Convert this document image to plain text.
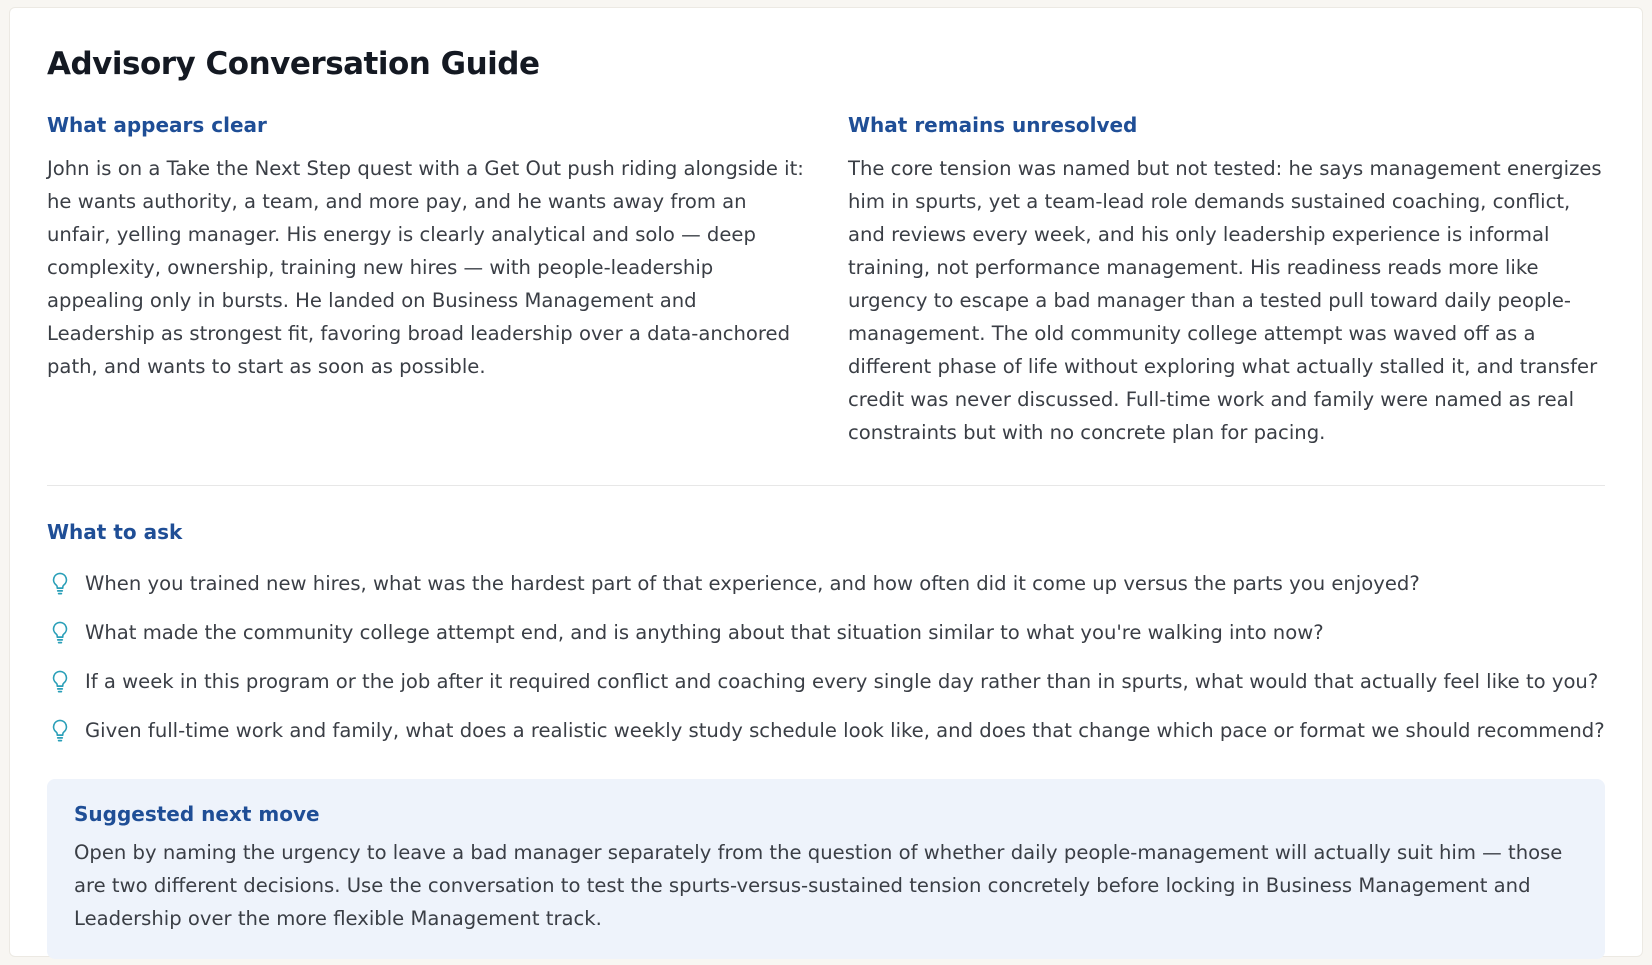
Advisory Conversation Guide
What appears clear

John is on a Take the Next Step quest with a Get Out push riding alongside it: he wants authority, a team, and more pay, and he wants away from an unfair, yelling manager. His energy is clearly analytical and solo — deep complexity, ownership, training new hires — with people-leadership appealing only in bursts. He landed on Business Management and Leadership as strongest fit, favoring broad leadership over a data-anchored path, and wants to start as soon as possible.

What remains unresolved

The core tension was named but not tested: he says management energizes him in spurts, yet a team-lead role demands sustained coaching, conflict, and reviews every week, and his only leadership experience is informal training, not performance management. His readiness reads more like urgency to escape a bad manager than a tested pull toward daily people-management. The old community college attempt was waved off as a different phase of life without exploring what actually stalled it, and transfer credit was never discussed. Full-time work and family were named as real constraints but with no concrete plan for pacing.

What to ask
When you trained new hires, what was the hardest part of that experience, and how often did it come up versus the parts you enjoyed?
What made the community college attempt end, and is anything about that situation similar to what you're walking into now?
If a week in this program or the job after it required conflict and coaching every single day rather than in spurts, what would that actually feel like to you?
Given full-time work and family, what does a realistic weekly study schedule look like, and does that change which pace or format we should recommend?
Suggested next move

Open by naming the urgency to leave a bad manager separately from the question of whether daily people-management will actually suit him — those are two different decisions. Use the conversation to test the spurts-versus-sustained tension concretely before locking in Business Management and Leadership over the more flexible Management track.
